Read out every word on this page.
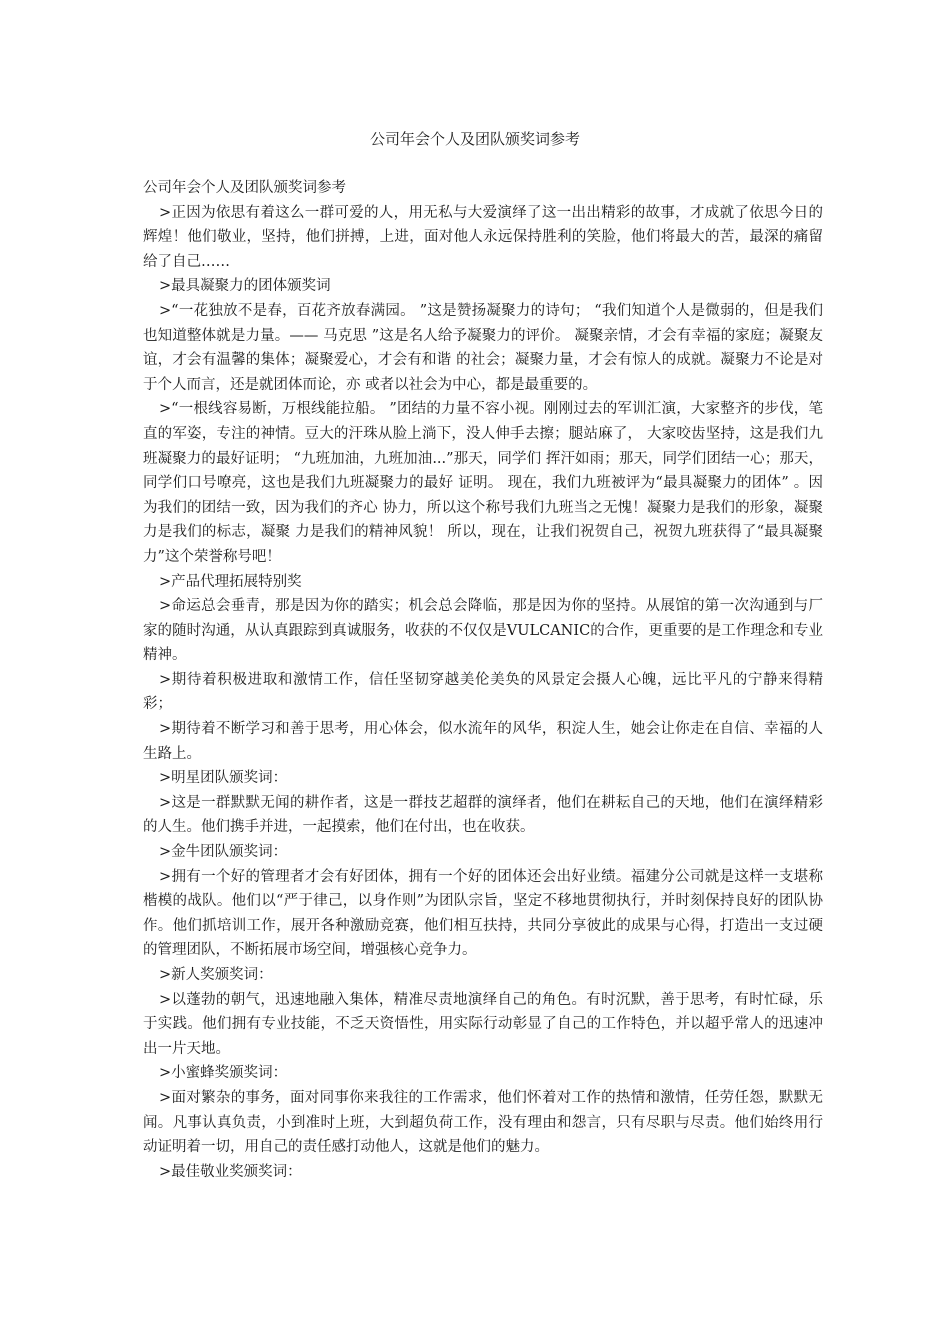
公司年会个人及团队颁奖词参考

公司年会个人及团队颁奖词参考

>正因为依思有着这么一群可爱的人，用无私与大爱演绎了这一出出精彩的故事，才成就了依思今日的辉煌！他们敬业，坚持，他们拼搏，上进，面对他人永远保持胜利的笑脸，他们将最大的苦，最深的痛留给了自己……

>最具凝聚力的团体颁奖词

>“一花独放不是春，百花齐放春满园。 ”这是赞扬凝聚力的诗句； “我们知道个人是微弱的，但是我们也知道整体就是力量。—— 马克思 ”这是名人给予凝聚力的评价。 凝聚亲情，才会有幸福的家庭；凝聚友谊，才会有温馨的集体；凝聚爱心，才会有和谐 的社会；凝聚力量，才会有惊人的成就。凝聚力不论是对于个人而言，还是就团体而论，亦 或者以社会为中心，都是最重要的。

>“一根线容易断，万根线能拉船。 ”团结的力量不容小视。刚刚过去的军训汇演，大家整齐的步伐，笔直的军姿，专注的神情。豆大的汗珠从脸上淌下，没人伸手去擦；腿站麻了， 大家咬齿坚持，这是我们九班凝聚力的最好证明； “九班加油，九班加油...”那天，同学们 挥汗如雨；那天，同学们团结一心；那天，同学们口号嘹亮，这也是我们九班凝聚力的最好 证明。 现在，我们九班被评为“最具凝聚力的团体” 。因为我们的团结一致，因为我们的齐心 协力，所以这个称号我们九班当之无愧！凝聚力是我们的形象，凝聚力是我们的标志，凝聚 力是我们的精神风貌！ 所以，现在，让我们祝贺自己，祝贺九班获得了“最具凝聚力”这个荣誉称号吧！

>产品代理拓展特别奖

>命运总会垂青，那是因为你的踏实；机会总会降临，那是因为你的坚持。从展馆的第一次沟通到与厂家的随时沟通，从认真跟踪到真诚服务，收获的不仅仅是VULCANIC的合作，更重要的是工作理念和专业精神。

>期待着积极进取和激情工作，信任坚韧穿越美伦美奂的风景定会摄人心魄，远比平凡的宁静来得精彩；

>期待着不断学习和善于思考，用心体会，似水流年的风华，积淀人生，她会让你走在自信、幸福的人生路上。

>明星团队颁奖词：

>这是一群默默无闻的耕作者，这是一群技艺超群的演绎者，他们在耕耘自己的天地，他们在演绎精彩的人生。他们携手并进，一起摸索，他们在付出，也在收获。

>金牛团队颁奖词：

>拥有一个好的管理者才会有好团体，拥有一个好的团体还会出好业绩。福建分公司就是这样一支堪称楷模的战队。他们以“严于律己，以身作则”为团队宗旨，坚定不移地贯彻执行，并时刻保持良好的团队协作。他们抓培训工作，展开各种激励竞赛，他们相互扶持，共同分享彼此的成果与心得，打造出一支过硬的管理团队，不断拓展市场空间，增强核心竞争力。

>新人奖颁奖词：

>以蓬勃的朝气，迅速地融入集体，精准尽责地演绎自己的角色。有时沉默，善于思考，有时忙碌，乐于实践。他们拥有专业技能，不乏天资悟性，用实际行动彰显了自己的工作特色，并以超乎常人的迅速冲出一片天地。

>小蜜蜂奖颁奖词：

>面对繁杂的事务，面对同事你来我往的工作需求，他们怀着对工作的热情和激情，任劳任怨，默默无闻。凡事认真负责，小到准时上班，大到超负荷工作，没有理由和怨言，只有尽职与尽责。他们始终用行动证明着一切，用自己的责任感打动他人，这就是他们的魅力。

>最佳敬业奖颁奖词：
